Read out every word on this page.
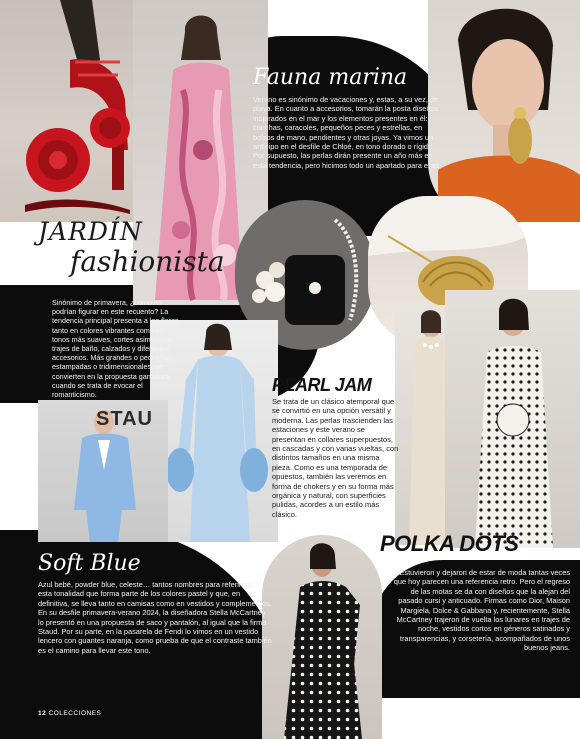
STAU
Fauna marina

Verano es sinónimo de vacaciones y, estas, a su vez, de playa. En cuanto a accesorios, tomarán la posta diseños inspirados en el mar y los elementos presentes en él: conchas, caracoles, pequeños peces y estrellas, en bolsos de mano, pendientes y otras joyas. Ya vimos un anticipo en el desfile de Chloé, en tono dorado o rígido. Por supuesto, las perlas dirán presente un año más en esta tendencia, pero hicimos todo un apartado para ellas.

JARDÍN
fashionista

Sinónimo de primavera, ¿cómo no podrían figurar en este recuento? La tendencia principal presenta a las flores tanto en colores vibrantes como en tonos más suaves, cortes asimétricos, trajes de baño, calzados y diferentes accesorios. Más grandes o pequeñas, estampadas o tridimensionales, se convierten en la propuesta ganadora cuando se trata de evocar el romanticismo.	PEARL JAM

Se trata de un clásico atemporal que se convirtió en una opción versátil y moderna. Las perlas trascienden las estaciones y este verano se presentan en collares superpuestos, en cascadas y con varias vueltas, con distintos tamaños en una misma pieza. Como es una temporada de opuestos, también las veremos en forma de chokers y en su forma más orgánica y natural, con superficies pulidas, acordes a un estilo más clásico.

POLKA DOTS

Estuvieron y dejaron de estar de moda tantas veces que hoy parecen una referencia retro. Pero el regreso de las motas se da con diseños que la alejan del pasado cursi y anticuado. Firmas como Dior, Maison Margiela, Dolce & Gabbana y, recientemente, Stella McCartney trajeron de vuelta los lunares en trajes de noche, vestidos cortos en géneros satinados y transparencias, y corsetería, acompañados de unos buenos jeans.

Soft Blue

Azul bebé, powder blue, celeste… tantos nombres para referirnos a esta tonalidad que forma parte de los colores pastel y que, en definitiva, se lleva tanto en camisas como en vestidos y complementos. En su desfile primavera-verano 2024, la diseñadora Stella McCartney lo presentó en una propuesta de saco y pantalón, al igual que la firma Staud. Por su parte, en la pasarela de Fendi lo vimos en un vestido lencero con guantes naranja, como prueba de que el contraste también es el camino para llevar este tono.

12 COLECCIONES
